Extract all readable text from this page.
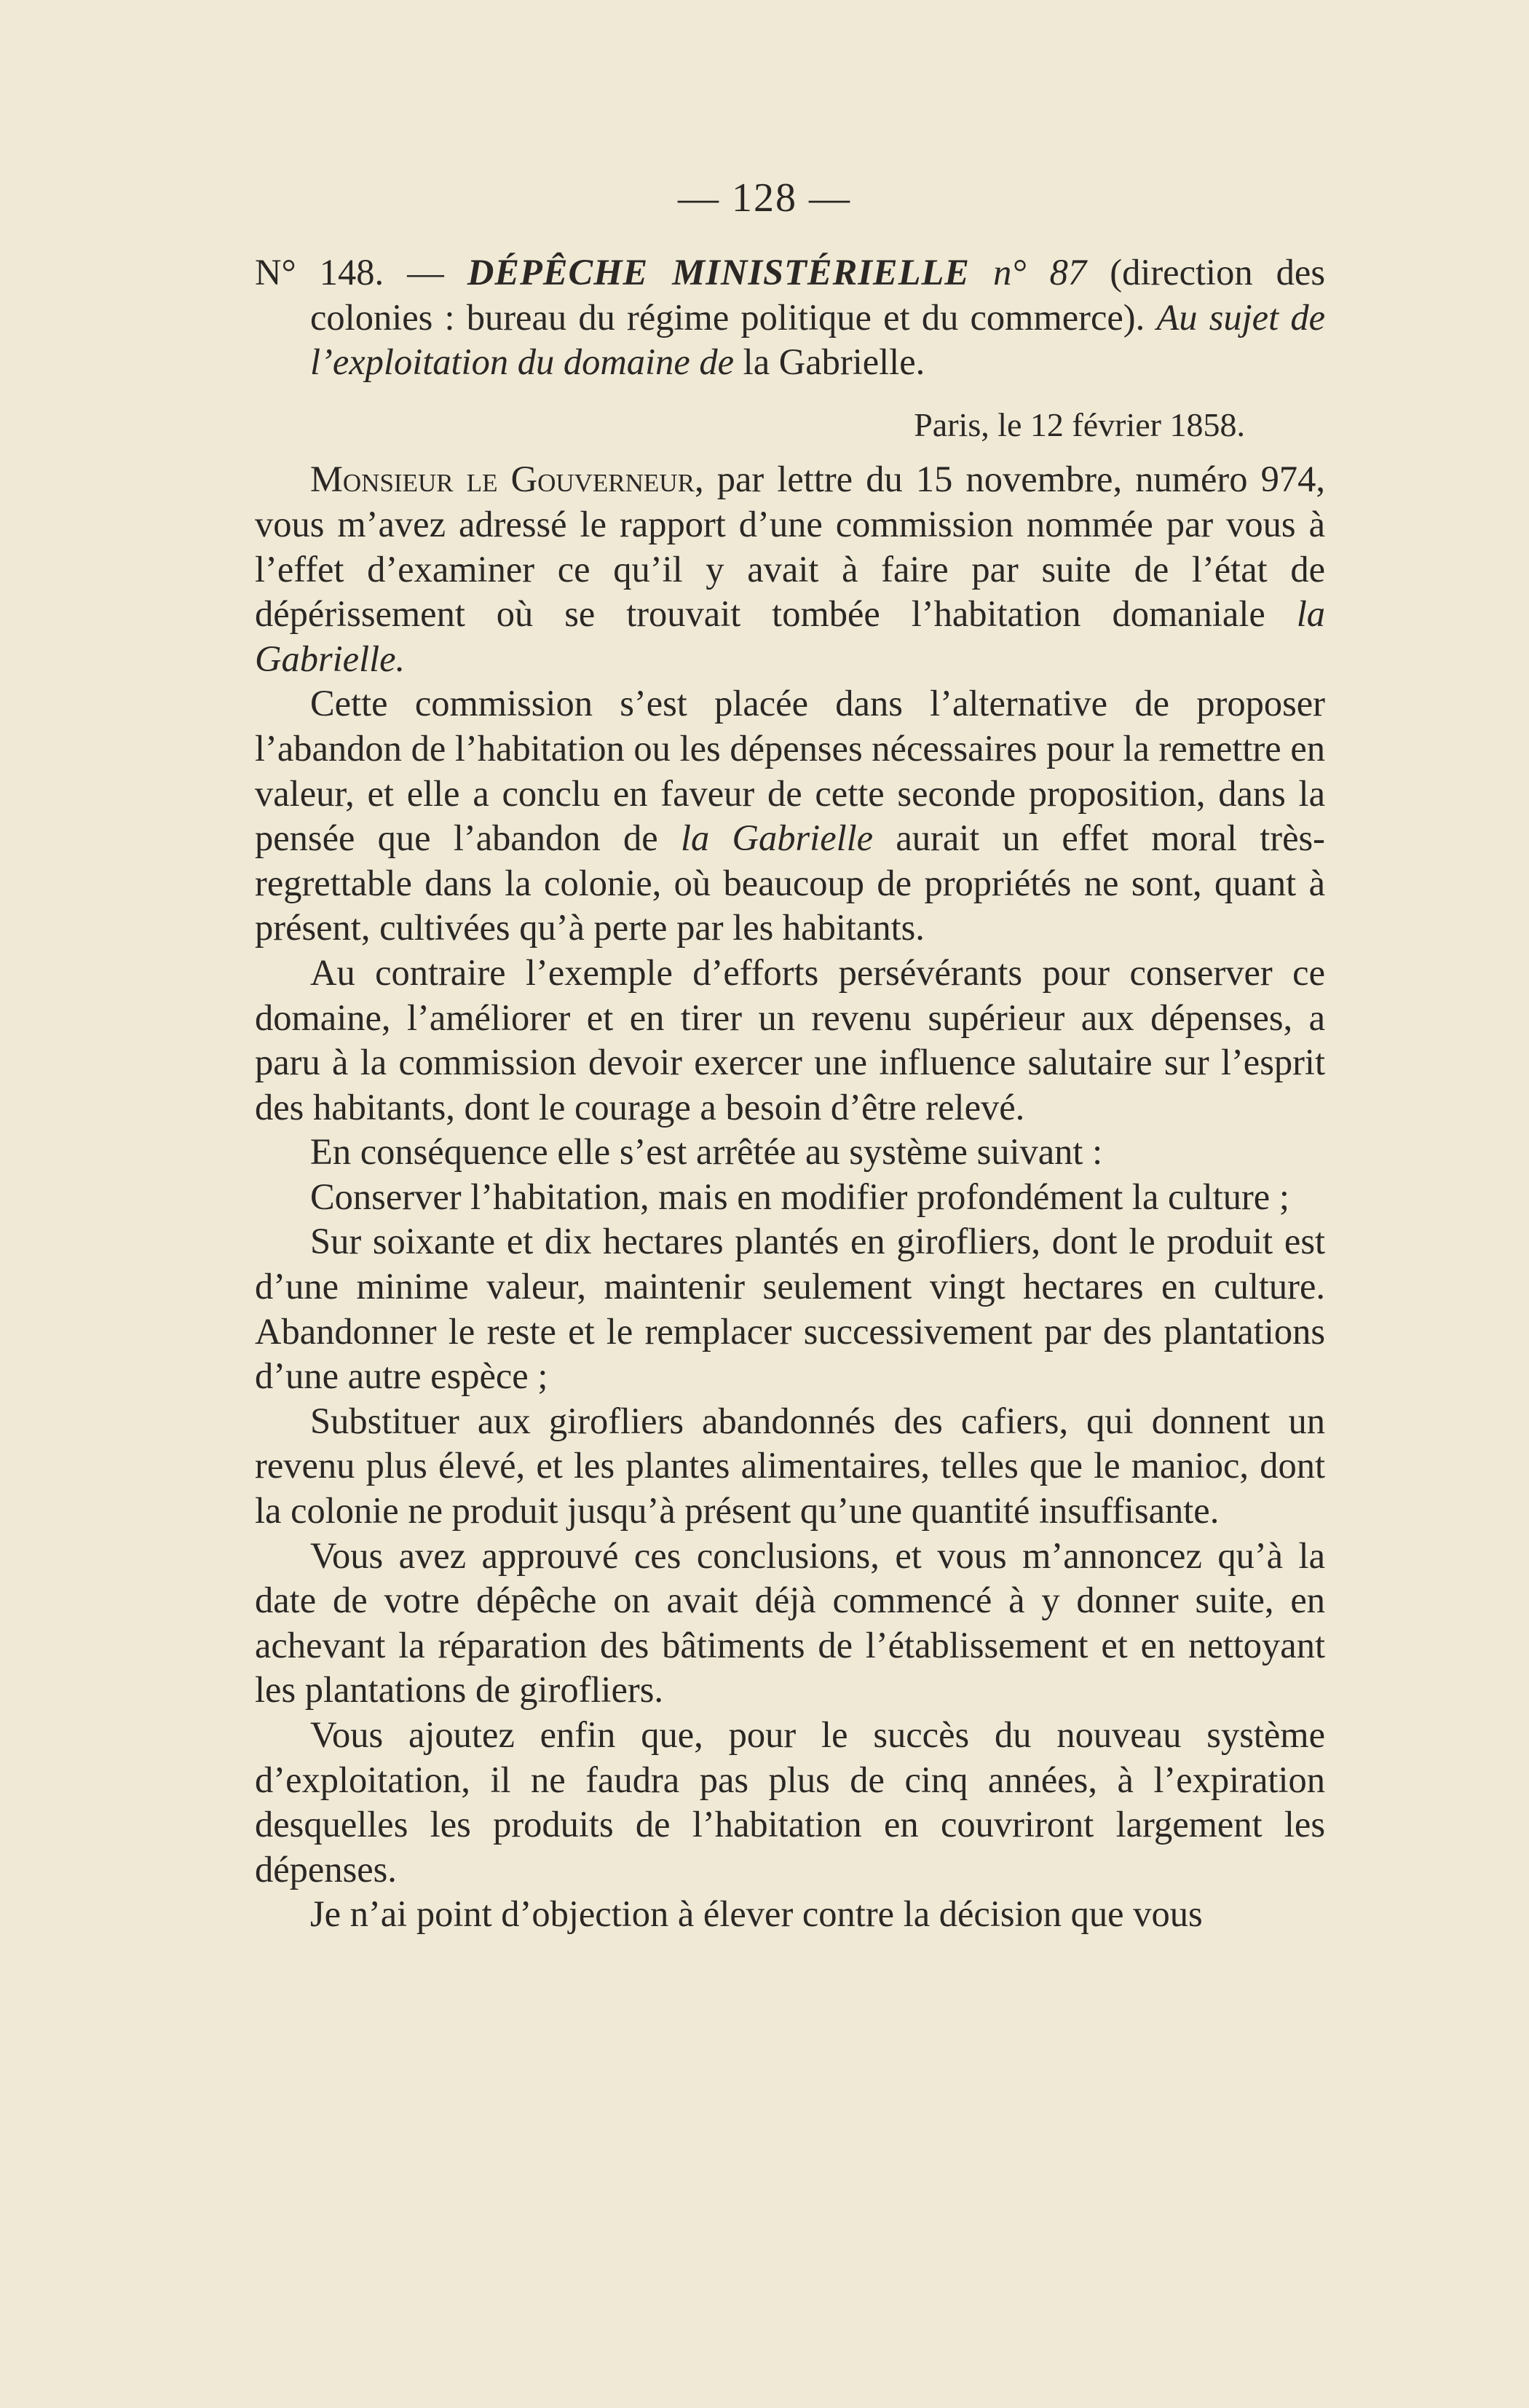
— 128 —

N° 148. — DÉPÊCHE MINISTÉRIELLE n° 87 (direction des colonies : bureau du régime politique et du commerce). Au sujet de l’exploitation du domaine de la Gabrielle.

Paris, le 12 février 1858.

Monsieur le Gouverneur, par lettre du 15 novembre, numéro 974, vous m’avez adressé le rapport d’une commission nommée par vous à l’effet d’examiner ce qu’il y avait à faire par suite de l’état de dépérissement où se trouvait tombée l’habitation domaniale la Gabrielle.

Cette commission s’est placée dans l’alternative de proposer l’abandon de l’habitation ou les dépenses nécessaires pour la remettre en valeur, et elle a conclu en faveur de cette seconde proposition, dans la pensée que l’abandon de la Gabrielle aurait un effet moral très-regrettable dans la colonie, où beaucoup de propriétés ne sont, quant à présent, cultivées qu’à perte par les habitants.

Au contraire l’exemple d’efforts persévérants pour conserver ce domaine, l’améliorer et en tirer un revenu supérieur aux dépenses, a paru à la commission devoir exercer une influence salutaire sur l’esprit des habitants, dont le courage a besoin d’être relevé.

En conséquence elle s’est arrêtée au système suivant :

Conserver l’habitation, mais en modifier profondément la culture ;

Sur soixante et dix hectares plantés en girofliers, dont le produit est d’une minime valeur, maintenir seulement vingt hectares en culture. Abandonner le reste et le remplacer successivement par des plantations d’une autre espèce ;

Substituer aux girofliers abandonnés des cafiers, qui donnent un revenu plus élevé, et les plantes alimentaires, telles que le manioc, dont la colonie ne produit jusqu’à présent qu’une quantité insuffisante.

Vous avez approuvé ces conclusions, et vous m’annoncez qu’à la date de votre dépêche on avait déjà commencé à y donner suite, en achevant la réparation des bâtiments de l’établissement et en nettoyant les plantations de girofliers.

Vous ajoutez enfin que, pour le succès du nouveau système d’exploitation, il ne faudra pas plus de cinq années, à l’expiration desquelles les produits de l’habitation en couvriront largement les dépenses.

Je n’ai point d’objection à élever contre la décision que vous
